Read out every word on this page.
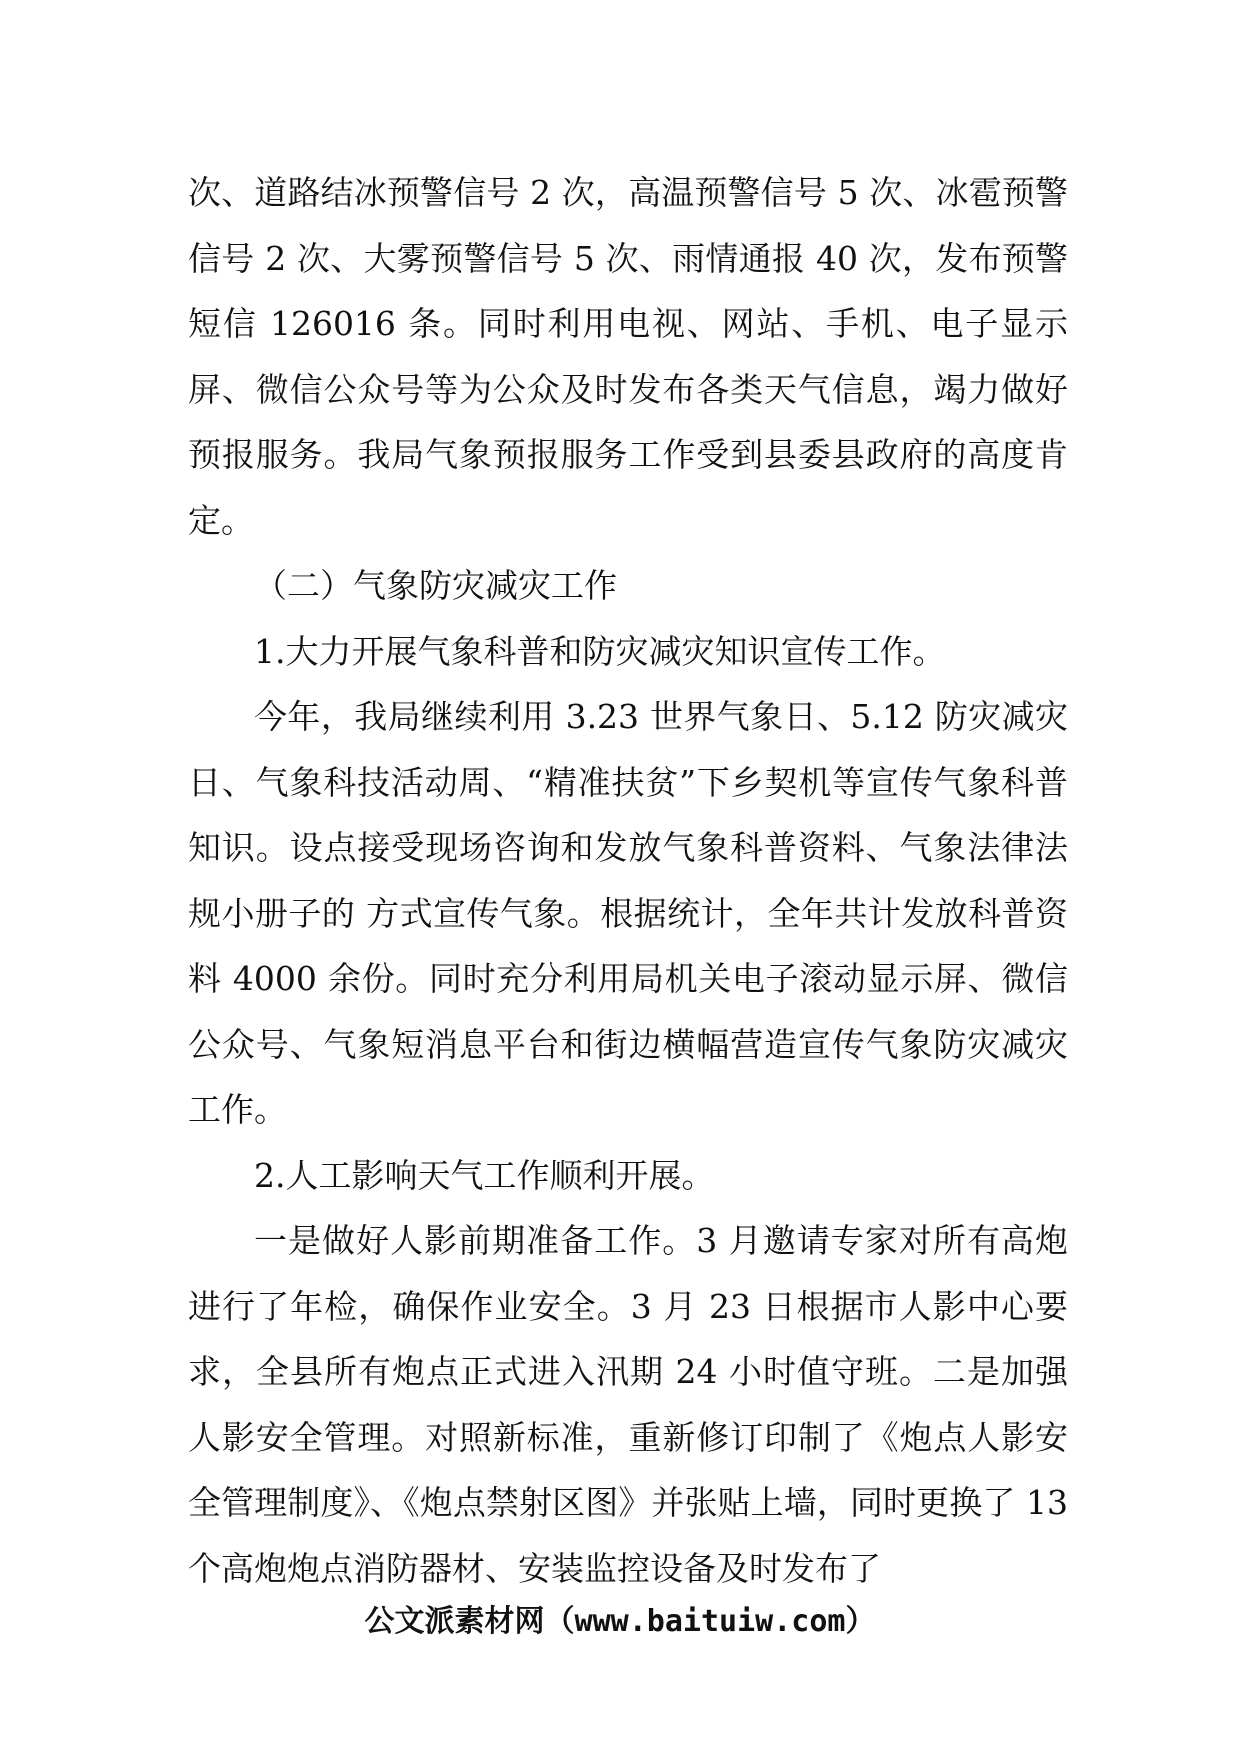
次、道路结冰预警信号 2 次，高温预警信号 5 次、冰雹预警信号 2 次、大雾预警信号 5 次、雨情通报 40 次，发布预警短信 126016 条。同时利用电视、网站、手机、电子显示屏、微信公众号等为公众及时发布各类天气信息，竭力做好预报服务。我局气象预报服务工作受到县委县政府的高度肯定。

（二）气象防灾减灾工作

1.大力开展气象科普和防灾减灾知识宣传工作。

今年，我局继续利用 3.23 世界气象日、5.12 防灾减灾日、气象科技活动周、“精准扶贫”下乡契机等宣传气象科普知识。设点接受现场咨询和发放气象科普资料、气象法律法规小册子的 方式宣传气象。根据统计，全年共计发放科普资料 4000 余份。同时充分利用局机关电子滚动显示屏、微信公众号、气象短消息平台和街边横幅营造宣传气象防灾减灾工作。

2.人工影响天气工作顺利开展。

一是做好人影前期准备工作。3 月邀请专家对所有高炮进行了年检，确保作业安全。3 月 23 日根据市人影中心要求，全县所有炮点正式进入汛期 24 小时值守班。二是加强人影安全管理。对照新标准，重新修订印制了《炮点人影安全管理制度》、《炮点禁射区图》并张贴上墙，同时更换了 13 个高炮炮点消防器材、安装监控设备及时发布了

公文派素材网（www.baituiw.com）
